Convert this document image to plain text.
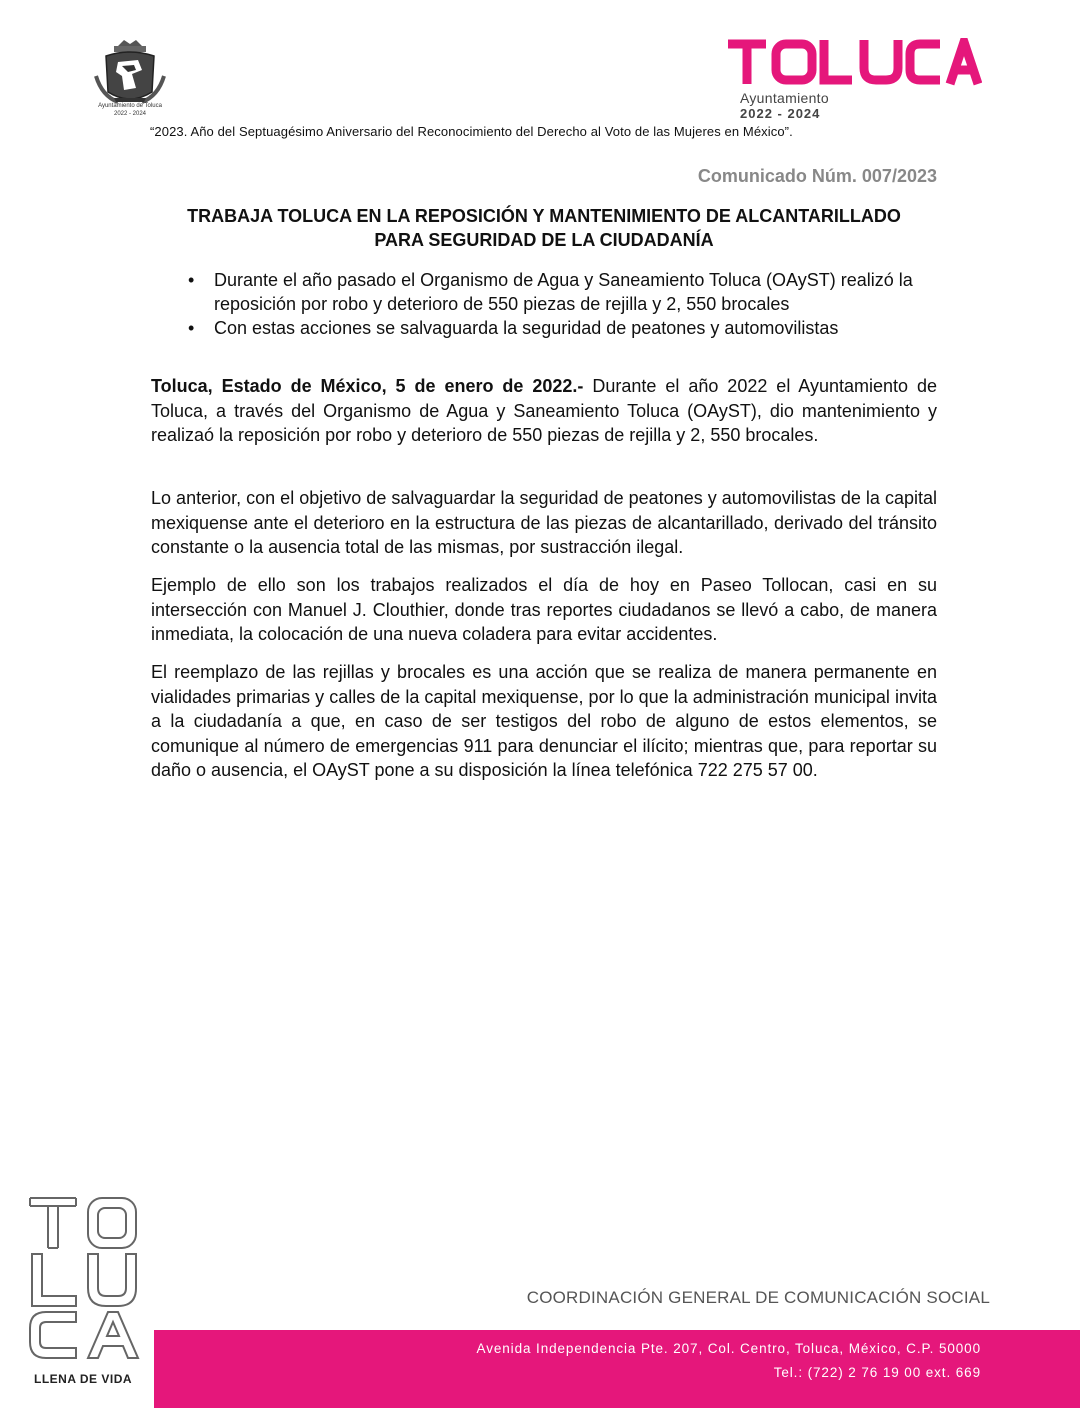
Ayuntamiento de Toluca
2022 - 2024
Ayuntamiento
2022 - 2024
“2023. Año del Septuagésimo Aniversario del Reconocimiento del Derecho al Voto de las Mujeres en México”.
Comunicado Núm. 007/2023
TRABAJA TOLUCA EN LA REPOSICIÓN Y MANTENIMIENTO DE ALCANTARILLADO
PARA SEGURIDAD DE LA CIUDADANÍA
• Durante el año pasado el Organismo de Agua y Saneamiento Toluca (OAyST) realizó la reposición por robo y deterioro de 550 piezas de rejilla y 2, 550 brocales
• Con estas acciones se salvaguarda la seguridad de peatones y automovilistas
Toluca, Estado de México, 5 de enero de 2022.- Durante el año 2022 el Ayuntamiento de Toluca, a través del Organismo de Agua y Saneamiento Toluca (OAyST), dio mantenimiento y realizaó la reposición por robo y deterioro de 550 piezas de rejilla y 2, 550 brocales.
Lo anterior, con el objetivo de salvaguardar la seguridad de peatones y automovilistas de la capital mexiquense ante el deterioro en la estructura de las piezas de alcantarillado, derivado del tránsito constante o la ausencia total de las mismas, por sustracción ilegal.
Ejemplo de ello son los trabajos realizados el día de hoy en Paseo Tollocan, casi en su intersección con Manuel J. Clouthier, donde tras reportes ciudadanos se llevó a cabo, de manera inmediata, la colocación de una nueva coladera para evitar accidentes.
El reemplazo de las rejillas y brocales es una acción que se realiza de manera permanente en vialidades primarias y calles de la capital mexiquense, por lo que la administración municipal invita a la ciudadanía a que, en caso de ser testigos del robo de alguno de estos elementos, se comunique al número de emergencias 911 para denunciar el ilícito; mientras que, para reportar su daño o ausencia, el OAyST pone a su disposición la línea telefónica 722 275 57 00.
LLENA DE VIDA
COORDINACIÓN GENERAL DE COMUNICACIÓN SOCIAL
Avenida Independencia Pte. 207, Col. Centro, Toluca, México, C.P. 50000
Tel.: (722) 2 76 19 00 ext. 669
